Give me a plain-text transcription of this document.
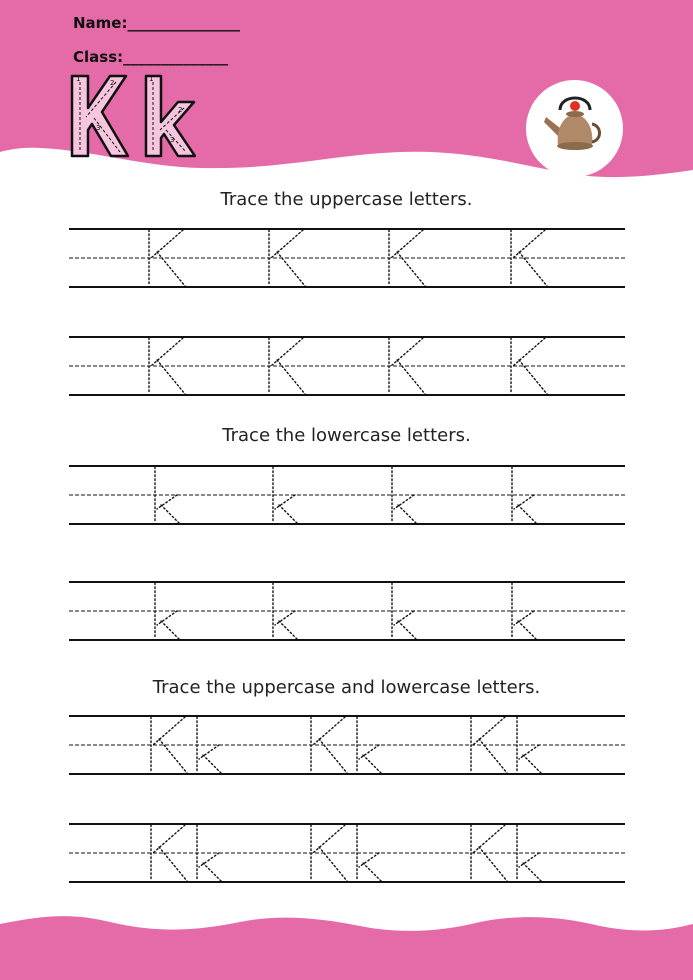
Name:_______________
Class:______________
1	2
3
1
2
3
Trace the uppercase letters.
Trace the lowercase letters.
Trace the uppercase and lowercase letters.
